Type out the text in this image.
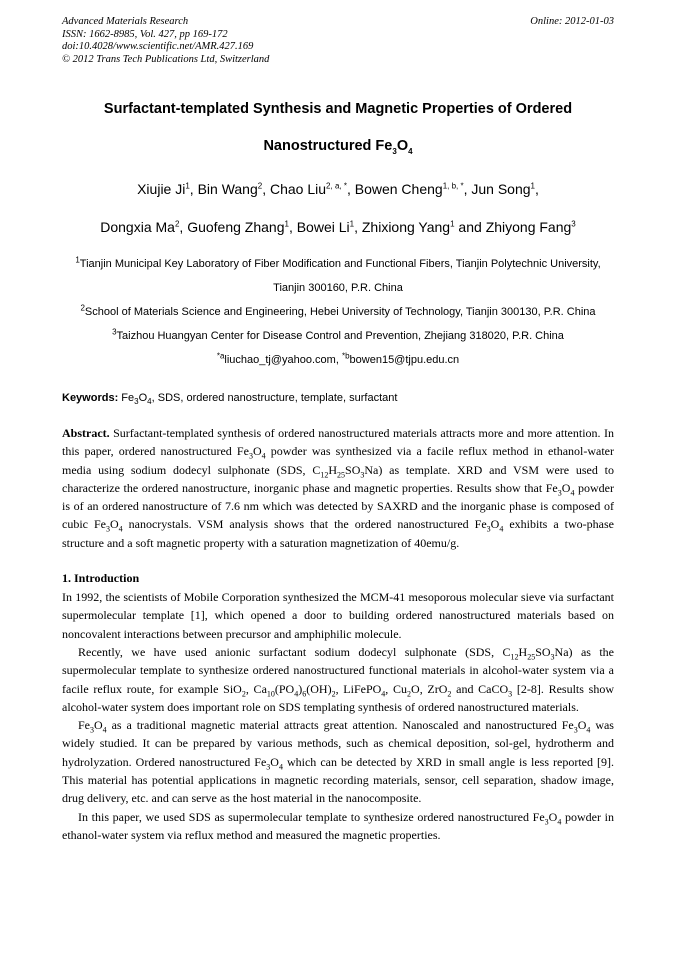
Advanced Materials Research
ISSN: 1662-8985, Vol. 427, pp 169-172
doi:10.4028/www.scientific.net/AMR.427.169
© 2012 Trans Tech Publications Ltd, Switzerland
Online: 2012-01-03
Surfactant-templated Synthesis and Magnetic Properties of Ordered
Nanostructured $Fe_3O_4$
Xiujie Ji$^1$, Bin Wang$^2$, Chao Liu$^{2, a, *}$, Bowen Cheng$^{1, b, *}$, Jun Song$^1$,
Dongxia Ma$^2$, Guofeng Zhang$^1$, Bowei Li$^1$, Zhixiong Yang$^1$ and Zhiyong Fang$^3$

$^1$Tianjin Municipal Key Laboratory of Fiber Modification and Functional Fibers, Tianjin Polytechnic University, Tianjin 300160, P.R. China

$^2$School of Materials Science and Engineering, Hebei University of Technology, Tianjin 300130, P.R. China

$^3$Taizhou Huangyan Center for Disease Control and Prevention, Zhejiang 318020, P.R. China

$^{*a}$liuchao_tj@yahoo.com, $^{*b}$bowen15@tjpu.edu.cn

Keywords: $Fe_3O_4$, SDS, ordered nanostructure, template, surfactant
Abstract. Surfactant-templated synthesis of ordered nanostructured materials attracts more and more attention. In this paper, ordered nanostructured $Fe_3O_4$ powder was synthesized via a facile reflux method in ethanol-water media using sodium dodecyl sulphonate (SDS, $C_{12}H_{25}SO_3Na$) as template. XRD and VSM were used to characterize the ordered nanostructure, inorganic phase and magnetic properties. Results show that $Fe_3O_4$ powder is of an ordered nanostructure of 7.6 nm which was detected by SAXRD and the inorganic phase is composed of cubic $Fe_3O_4$ nanocrystals. VSM analysis shows that the ordered nanostructured $Fe_3O_4$ exhibits a two-phase structure and a soft magnetic property with a saturation magnetization of 40emu/g.
1. Introduction

In 1992, the scientists of Mobile Corporation synthesized the MCM-41 mesoporous molecular sieve via surfactant supermolecular template [1], which opened a door to building ordered nanostructured materials based on noncovalent interactions between precursor and amphiphilic molecule.

Recently, we have used anionic surfactant sodium dodecyl sulphonate (SDS, $C_{12}H_{25}SO_3Na$) as the supermolecular template to synthesize ordered nanostructured functional materials in alcohol-water system via a facile reflux route, for example SiO$_2$, $Ca_{10}(PO_4)_6(OH)_2$, LiFePO$_4$, $Cu_2O$, ZrO$_2$ and CaCO$_3$ [2-8]. Results show alcohol-water system does important role on SDS templating synthesis of ordered nanostructured materials.

$Fe_3O_4$ as a traditional magnetic material attracts great attention. Nanoscaled and nanostructured $Fe_3O_4$ was widely studied. It can be prepared by various methods, such as chemical deposition, sol-gel, hydrotherm and hydrolyzation. Ordered nanostructured $Fe_3O_4$ which can be detected by XRD in small angle is less reported [9]. This material has potential applications in magnetic recording materials, sensor, cell separation, shadow image, drug delivery, etc. and can serve as the host material in the nanocomposite.

In this paper, we used SDS as supermolecular template to synthesize ordered nanostructured $Fe_3O_4$ powder in ethanol-water system via reflux method and measured the magnetic properties.
